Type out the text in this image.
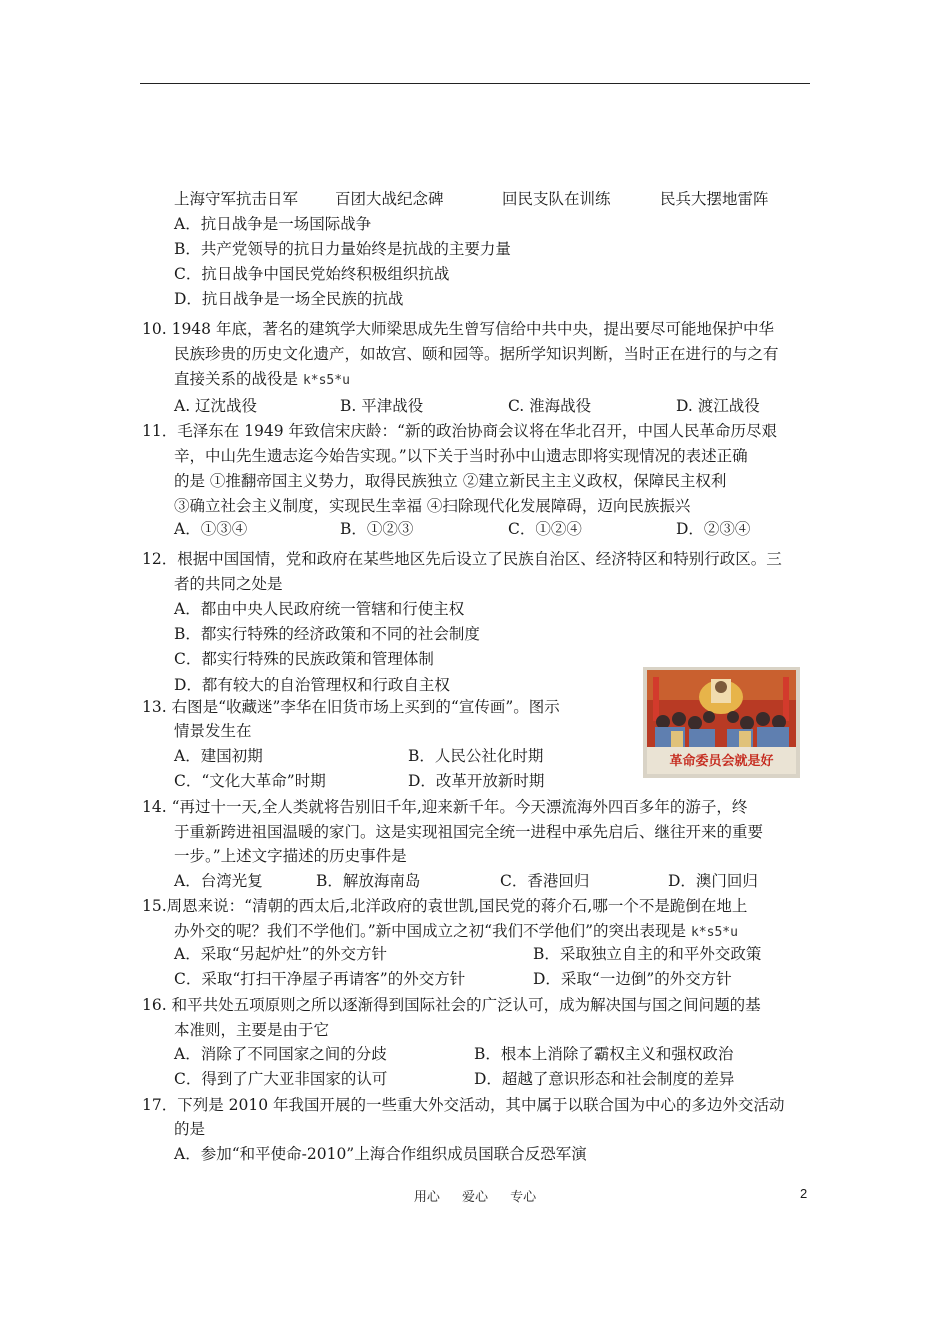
上海守军抗击日军 百团大战纪念碑	回民支队在训练	民兵大摆地雷阵
A．抗日战争是一场国际战争
B．共产党领导的抗日力量始终是抗战的主要力量
C．抗日战争中国民党始终积极组织抗战
D．抗日战争是一场全民族的抗战
10. 1948 年底，著名的建筑学大师梁思成先生曾写信给中共中央，提出要尽可能地保护中华
民族珍贵的历史文化遗产，如故宫、颐和园等。据所学知识判断，当时正在进行的与之有
直接关系的战役是 k*s5*u
A. 辽沈战役	B. 平津战役	C. 淮海战役	D. 渡江战役
11．毛泽东在 1949 年致信宋庆龄：“新的政治协商会议将在华北召开，中国人民革命历尽艰
辛，中山先生遗志迄今始告实现。”以下关于当时孙中山遗志即将实现情况的表述正确
的是 ①推翻帝国主义势力，取得民族独立 ②建立新民主主义政权，保障民主权利
③确立社会主义制度，实现民生幸福 ④扫除现代化发展障碍，迈向民族振兴
A．①③④	B．①②③	C．①②④	D．②③④
12．根据中国国情，党和政府在某些地区先后设立了民族自治区、经济特区和特别行政区。三
者的共同之处是
A．都由中央人民政府统一管辖和行使主权
B．都实行特殊的经济政策和不同的社会制度
C．都实行特殊的民族政策和管理体制
D．都有较大的自治管理权和行政自主权
13. 右图是“收藏迷”李华在旧货市场上买到的“宣传画”。图示
情景发生在
A．建国初期	B．人民公社化时期
C．“文化大革命”时期	D．改革开放新时期
革命委员会就是好
14. “再过十一天,全人类就将告别旧千年,迎来新千年。今天漂流海外四百多年的游子，终
于重新跨进祖国温暖的家门。这是实现祖国完全统一进程中承先启后、继往开来的重要
一步。”上述文字描述的历史事件是
A．台湾光复	B．解放海南岛	C．香港回归	D．澳门回归
15.周恩来说：“清朝的西太后,北洋政府的袁世凯,国民党的蒋介石,哪一个不是跪倒在地上
办外交的呢？我们不学他们。”新中国成立之初“我们不学他们”的突出表现是 k*s5*u
A．采取“另起炉灶”的外交方针	B．采取独立自主的和平外交政策
C．采取“打扫干净屋子再请客”的外交方针	D．采取“一边倒”的外交方针
16. 和平共处五项原则之所以逐渐得到国际社会的广泛认可，成为解决国与国之间问题的基
本准则，主要是由于它
A．消除了不同国家之间的分歧	B．根本上消除了霸权主义和强权政治
C．得到了广大亚非国家的认可	D．超越了意识形态和社会制度的差异
17．下列是 2010 年我国开展的一些重大外交活动，其中属于以联合国为中心的多边外交活动
的是
A．参加“和平使命-2010”上海合作组织成员国联合反恐军演
用心 爱心 专心	2
